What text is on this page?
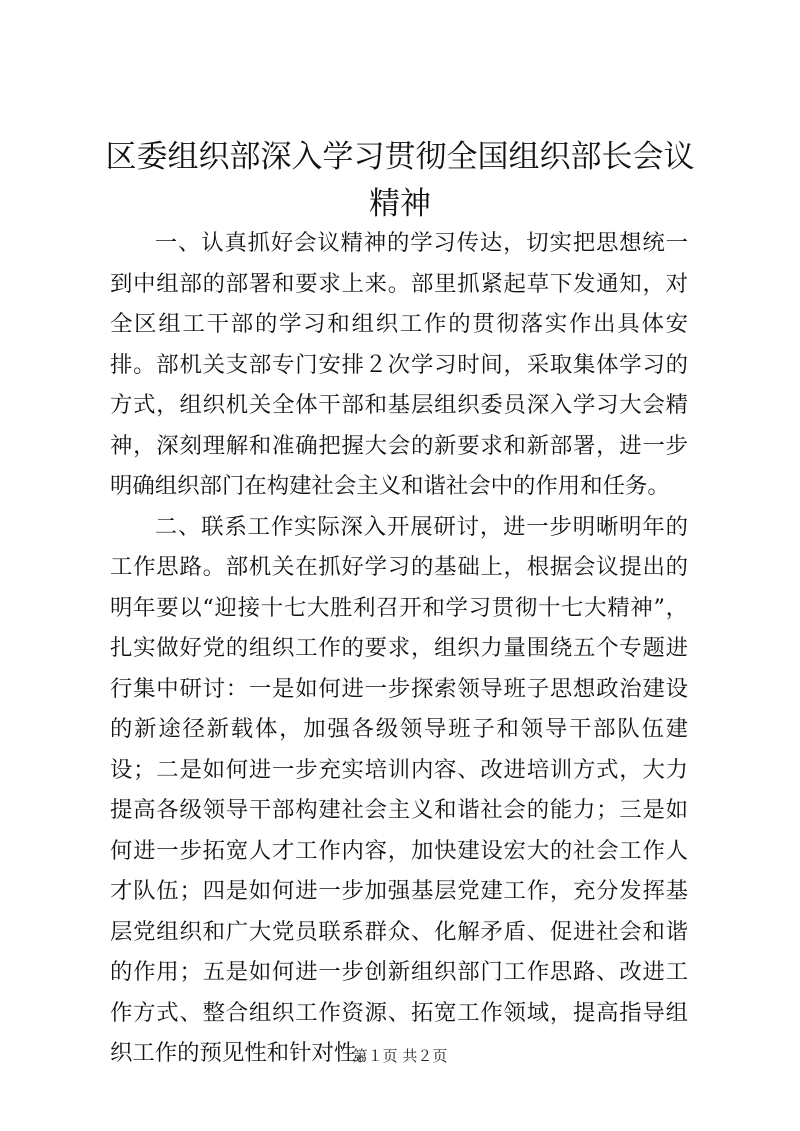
区委组织部深入学习贯彻全国组织部长会议精神

一、认真抓好会议精神的学习传达，切实把思想统一到中组部的部署和要求上来。部里抓紧起草下发通知，对全区组工干部的学习和组织工作的贯彻落实作出具体安排。部机关支部专门安排２次学习时间，采取集体学习的方式，组织机关全体干部和基层组织委员深入学习大会精神，深刻理解和准确把握大会的新要求和新部署，进一步明确组织部门在构建社会主义和谐社会中的作用和任务。

二、联系工作实际深入开展研讨，进一步明晰明年的工作思路。部机关在抓好学习的基础上，根据会议提出的明年要以“迎接十七大胜利召开和学习贯彻十七大精神”，扎实做好党的组织工作的要求，组织力量围绕五个专题进行集中研讨：一是如何进一步探索领导班子思想政治建设的新途径新载体，加强各级领导班子和领导干部队伍建设；二是如何进一步充实培训内容、改进培训方式，大力提高各级领导干部构建社会主义和谐社会的能力；三是如何进一步拓宽人才工作内容，加快建设宏大的社会工作人才队伍；四是如何进一步加强基层党建工作，充分发挥基层党组织和广大党员联系群众、化解矛盾、促进社会和谐的作用；五是如何进一步创新组织部门工作思路、改进工作方式、整合组织工作资源、拓宽工作领域，提高指导组织工作的预见性和针对性。

第１页 共２页
